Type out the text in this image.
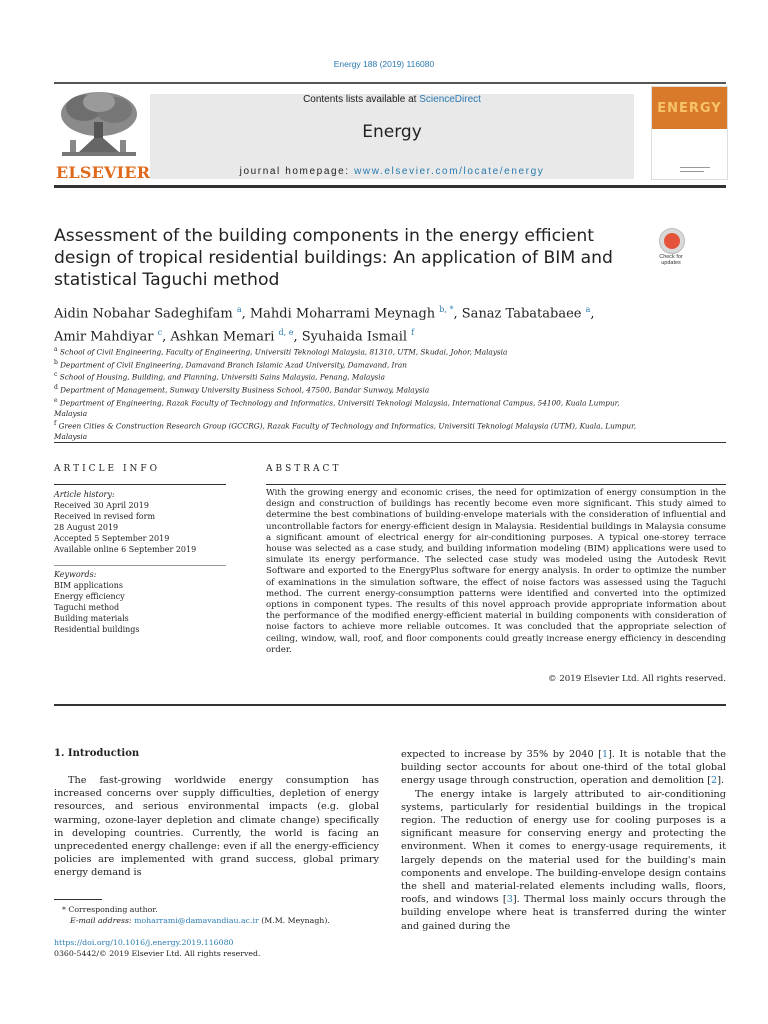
Energy 188 (2019) 116080
ELSEVIER
Contents lists available at ScienceDirect
Energy
journal homepage: www.elsevier.com/locate/energy
ENERGY
Assessment of the building components in the energy efficient design of tropical residential buildings: An application of BIM and statistical Taguchi method
Check for
updates
Aidin Nobahar Sadeghifam $^a$, Mahdi Moharrami Meynagh $^{b, *}$, Sanaz Tabatabaee $^a$,
Amir Mahdiyar $^c$, Ashkan Memari $^{d, e}$, Syuhaida Ismail $^f$
$^a$ School of Civil Engineering, Faculty of Engineering, Universiti Teknologi Malaysia, 81310, UTM, Skudai, Johor, Malaysia
$^b$ Department of Civil Engineering, Damavand Branch Islamic Azad University, Damavand, Iran
$^c$ School of Housing, Building, and Planning, Universiti Sains Malaysia, Penang, Malaysia
$^d$ Department of Management, Sunway University Business School, 47500, Bandar Sunway, Malaysia
$^e$ Department of Engineering, Razak Faculty of Technology and Informatics, Universiti Teknologi Malaysia, International Campus, 54100, Kuala Lumpur, Malaysia
$^f$ Green Cities & Construction Research Group (GCCRG), Razak Faculty of Technology and Informatics, Universiti Teknologi Malaysia (UTM), Kuala, Lumpur, Malaysia
ARTICLE INFO
Article history:
Received 30 April 2019
Received in revised form
28 August 2019
Accepted 5 September 2019
Available online 6 September 2019
Keywords:
BIM applications
Energy efficiency
Taguchi method
Building materials
Residential buildings
ABSTRACT
With the growing energy and economic crises, the need for optimization of energy consumption in the design and construction of buildings has recently become even more significant. This study aimed to determine the best combinations of building-envelope materials with the consideration of influential and uncontrollable factors for energy-efficient design in Malaysia. Residential buildings in Malaysia consume a significant amount of electrical energy for air-conditioning purposes. A typical one-storey terrace house was selected as a case study, and building information modeling (BIM) applications were used to simulate its energy performance. The selected case study was modeled using the Autodesk Revit Software and exported to the EnergyPlus software for energy analysis. In order to optimize the number of examinations in the simulation software, the effect of noise factors was assessed using the Taguchi method. The current energy-consumption patterns were identified and converted into the optimized options in component types. The results of this novel approach provide appropriate information about the performance of the modified energy-efficient material in building components with consideration of noise factors to achieve more reliable outcomes. It was concluded that the appropriate selection of ceiling, window, wall, roof, and floor components could greatly increase energy efficiency in descending order.
© 2019 Elsevier Ltd. All rights reserved.
1. Introduction

The fast-growing worldwide energy consumption has increased concerns over supply difficulties, depletion of energy resources, and serious environmental impacts (e.g. global warming, ozone-layer depletion and climate change) specifically in developing countries. Currently, the world is facing an unprecedented energy challenge: even if all the energy-efficiency policies are implemented with grand success, global primary energy demand is

expected to increase by 35% by 2040 [1]. It is notable that the building sector accounts for about one-third of the total global energy usage through construction, operation and demolition [2].

The energy intake is largely attributed to air-conditioning systems, particularly for residential buildings in the tropical region. The reduction of energy use for cooling purposes is a significant measure for conserving energy and protecting the environment. When it comes to energy-usage requirements, it largely depends on the material used for the building's main components and envelope. The building-envelope design contains the shell and material-related elements including walls, floors, roofs, and windows [3]. Thermal loss mainly occurs through the building envelope where heat is transferred during the winter and gained during the

* Corresponding author.
E-mail address: moharrami@damavandiau.ac.ir (M.M. Meynagh).
https://doi.org/10.1016/j.energy.2019.116080
0360-5442/© 2019 Elsevier Ltd. All rights reserved.
